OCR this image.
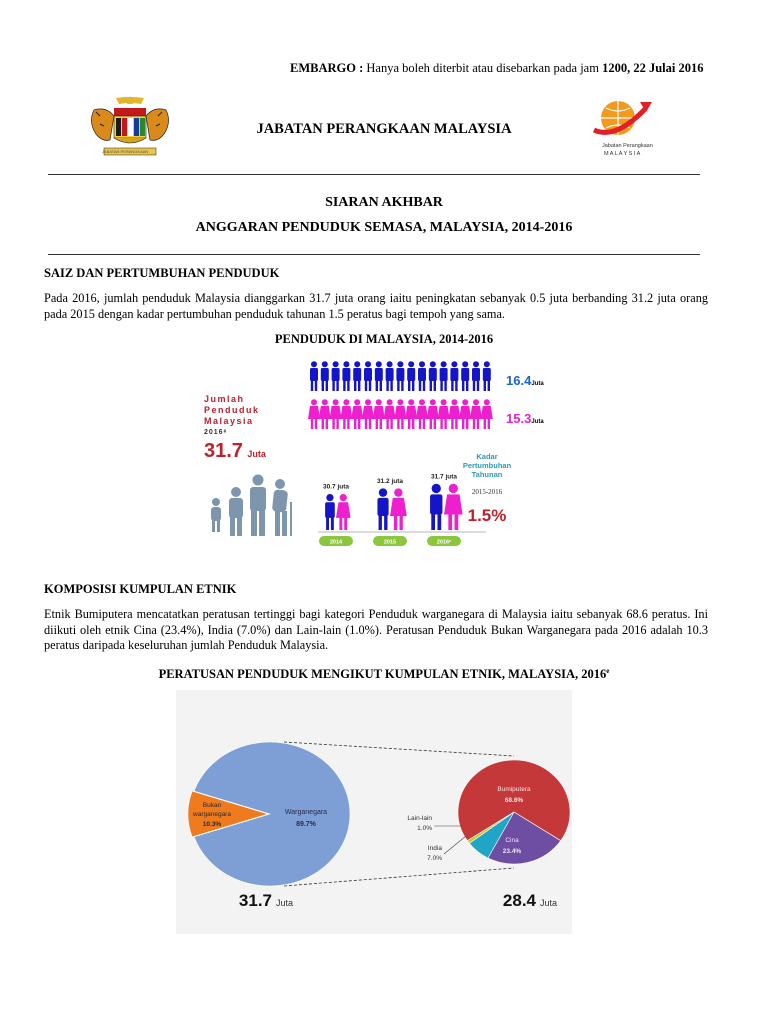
EMBARGO : Hanya boleh diterbit atau disebarkan pada jam 1200, 22 Julai 2016
JABATAN PERANGKAAN
JABATAN PERANGKAAN MALAYSIA
Jabatan Perangkaan
M A L A Y S I A
SIARAN AKHBAR
ANGGARAN PENDUDUK SEMASA, MALAYSIA, 2014-2016
SAIZ DAN PERTUMBUHAN PENDUDUK
Pada 2016, jumlah penduduk Malaysia dianggarkan 31.7 juta orang iaitu peningkatan sebanyak 0.5 juta berbanding 31.2 juta orang pada 2015 dengan kadar pertumbuhan penduduk tahunan 1.5 peratus bagi tempoh yang sama.
PENDUDUK DI MALAYSIA, 2014-2016
16.4Juta
15.3Juta
Jumlah
Penduduk
Malaysia
2016ᵉ
31.7 Juta
30.7 juta
2014
31.2 juta
2015
31.7 juta
2016ᵉ
Kadar
Pertumbuhan
Tahunan
2015-2016
1.5%
KOMPOSISI KUMPULAN ETNIK
Etnik Bumiputera mencatatkan peratusan tertinggi bagi kategori Penduduk warganegara di Malaysia iaitu sebanyak 68.6 peratus. Ini diikuti oleh etnik Cina (23.4%), India (7.0%) dan Lain-lain (1.0%). Peratusan Penduduk Bukan Warganegara pada 2016 adalah 10.3 peratus daripada keseluruhan jumlah Penduduk Malaysia.
PERATUSAN PENDUDUK MENGIKUT KUMPULAN ETNIK, MALAYSIA, 2016e
Warganegara
89.7%
Bukan
warganegara
10.3%
31.7 Juta
Bumiputera
68.6%
Cina
23.4%
Lain-lain
1.0%
India
7.0%
28.4 Juta
